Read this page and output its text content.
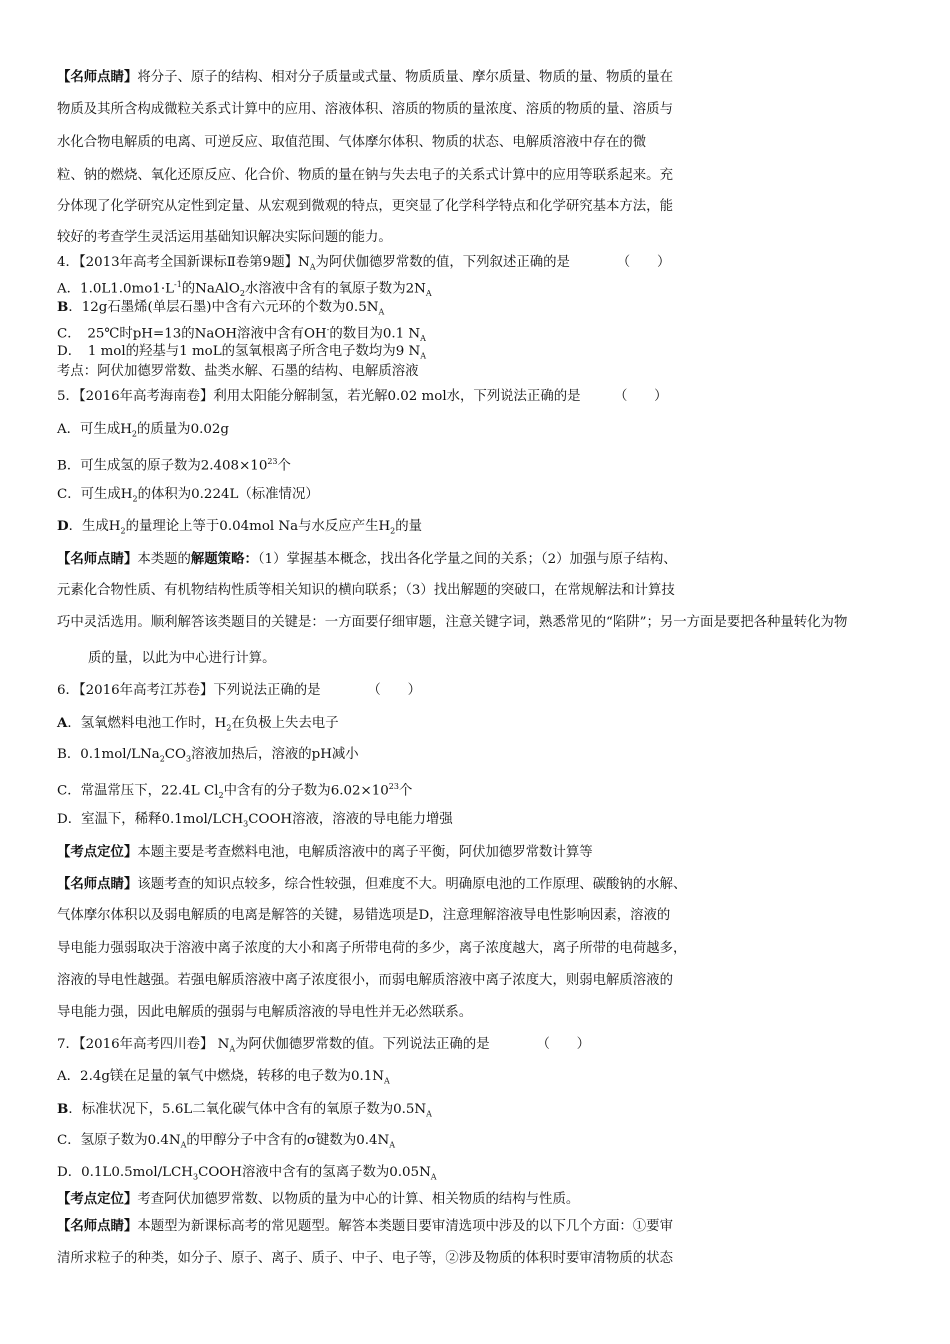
【名师点睛】将分子、原子的结构、相对分子质量或式量、物质质量、摩尔质量、物质的量、物质的量在
物质及其所含构成微粒关系式计算中的应用、溶液体积、溶质的物质的量浓度、溶质的物质的量、溶质与
水化合物电解质的电离、可逆反应、取值范围、气体摩尔体积、物质的状态、电解质溶液中存在的微
粒、钠的燃烧、氧化还原反应、化合价、物质的量在钠与失去电子的关系式计算中的应用等联系起来。充
分体现了化学研究从定性到定量、从宏观到微观的特点，更突显了化学科学特点和化学研究基本方法，能
较好的考查学生灵活运用基础知识解决实际问题的能力。
4．【2013年高考全国新课标Ⅱ卷第9题】$N_A$为阿伏伽德罗常数的值，下列叙述正确的是　　　　（　　）
A．$1.0L1.0mo1\cdot L^{-1}$的NaAlO$_2$水溶液中含有的氧原子数为$2N_A$
B．12g石墨烯(单层石墨)中含有六元环的个数为$0.5N_A$
C．　25℃时pH=13的NaOH溶液中含有OH-的数目为0.1 $N_A$
D．　1 mol的羟基与1 moL的氢氧根离子所含电子数均为9 $N_A$
考点：阿伏加德罗常数、盐类水解、石墨的结构、电解质溶液
5．【2016年高考海南卷】利用太阳能分解制氢，若光解0.02 mol水，下列说法正确的是　　　（　　）
A．可生成$H_2$的质量为0.02g
B．可生成氢的原子数为$2.408\times 10^{23}$个
C．可生成$H_2$的体积为0.224L（标准情况）
D．生成$H_2$的量理论上等于0.04mol Na与水反应产生$H_2$的量
【名师点睛】本类题的解题策略：（1）掌握基本概念，找出各化学量之间的关系；（2）加强与原子结构、
元素化合物性质、有机物结构性质等相关知识的横向联系；（3）找出解题的突破口，在常规解法和计算技
巧中灵活选用。顺利解答该类题目的关键是：一方面要仔细审题，注意关键字词，熟悉常见的“陷阱”；另一方面是要把各种量转化为物
质的量，以此为中心进行计算。
6．【2016年高考江苏卷】下列说法正确的是　　　　（　　）
A．氢氧燃料电池工作时，$H_2$在负极上失去电子
B．$0.1mol/LNa_2CO_3$溶液加热后，溶液的pH减小
C．常温常压下，22.4L $Cl_2$中含有的分子数为$6.02\times 10^{23}$个
D．室温下，稀释$0.1mol/LCH_3COOH$溶液，溶液的导电能力增强
【考点定位】本题主要是考查燃料电池，电解质溶液中的离子平衡，阿伏加德罗常数计算等
【名师点睛】该题考查的知识点较多，综合性较强，但难度不大。明确原电池的工作原理、碳酸钠的水解、
气体摩尔体积以及弱电解质的电离是解答的关键，易错选项是D，注意理解溶液导电性影响因素，溶液的
导电能力强弱取决于溶液中离子浓度的大小和离子所带电荷的多少，离子浓度越大，离子所带的电荷越多，
溶液的导电性越强。若强电解质溶液中离子浓度很小，而弱电解质溶液中离子浓度大，则弱电解质溶液的
导电能力强，因此电解质的强弱与电解质溶液的导电性并无必然联系。
7．【2016年高考四川卷】 $N_A$为阿伏伽德罗常数的值。下列说法正确的是　　　　（　　）
A．2.4g镁在足量的氧气中燃烧，转移的电子数为$0.1N_A$
B．标准状况下，5.6L二氧化碳气体中含有的氧原子数为$0.5N_A$
C．氢原子数为$0.4N_A$的甲醇分子中含有的σ键数为$0.4N_A$
D．$0.1L0.5mol/LCH_3COOH$溶液中含有的氢离子数为$0.05N_A$
【考点定位】考查阿伏加德罗常数、以物质的量为中心的计算、相关物质的结构与性质。
【名师点睛】本题型为新课标高考的常见题型。解答本类题目要审清选项中涉及的以下几个方面：①要审
清所求粒子的种类，如分子、原子、离子、质子、中子、电子等，②涉及物质的体积时要审清物质的状态
